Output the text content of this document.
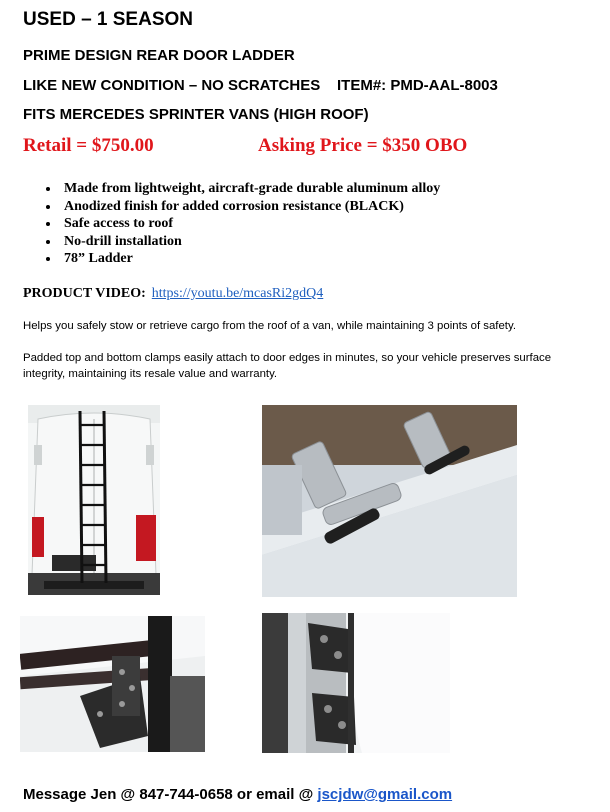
USED – 1 SEASON
PRIME DESIGN REAR DOOR LADDER
LIKE NEW CONDITION – NO SCRATCHES ITEM#: PMD-AAL-8003
FITS MERCEDES SPRINTER VANS (HIGH ROOF)
Retail = $750.00	Asking Price = $350 OBO
• Made from lightweight, aircraft-grade durable aluminum alloy
• Anodized finish for added corrosion resistance (BLACK)
• Safe access to roof
• No-drill installation
• 78” Ladder
PRODUCT VIDEO: https://youtu.be/mcasRi2gdQ4
Helps you safely stow or retrieve cargo from the roof of a van, while maintaining 3 points of safety.
Padded top and bottom clamps easily attach to door edges in minutes, so your vehicle preserves surface integrity, maintaining its resale value and warranty.
Message Jen @ 847-744-0658 or email @ jscjdw@gmail.com
